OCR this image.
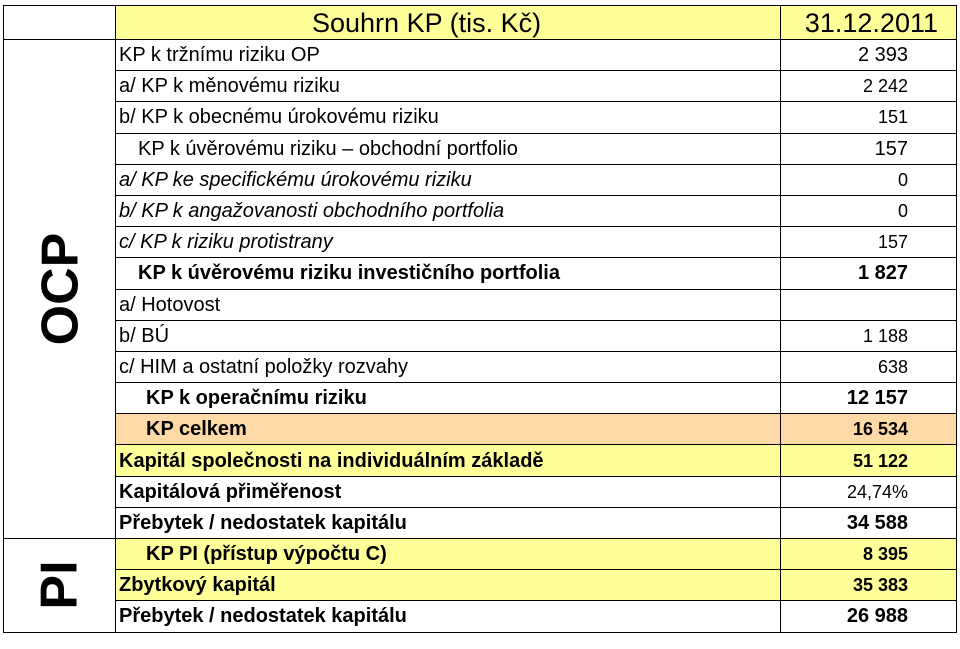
	Souhrn KP (tis. Kč)	31.12.2011
OCP	KP k tržnímu riziku OP	2 393
	a/ KP k měnovému riziku	2 242
	b/ KP k obecnému úrokovému riziku	151
	KP k úvěrovému riziku – obchodní portfolio	157
	a/ KP ke specifickému úrokovému riziku	0
	b/ KP k angažovanosti obchodního portfolia	0
	c/ KP k riziku protistrany	157
	KP k úvěrovému riziku investičního portfolia	1 827
	a/ Hotovost	
	b/ BÚ	1 188
	c/ HIM a ostatní položky rozvahy	638
	KP k operačnímu riziku	12 157
	KP celkem	16 534
	Kapitál společnosti na individuálním základě	51 122
	Kapitálová přiměřenost	24,74%
	Přebytek / nedostatek kapitálu	34 588
PI	KP PI (přístup výpočtu C)	8 395
	Zbytkový kapitál	35 383
	Přebytek / nedostatek kapitálu	26 988
